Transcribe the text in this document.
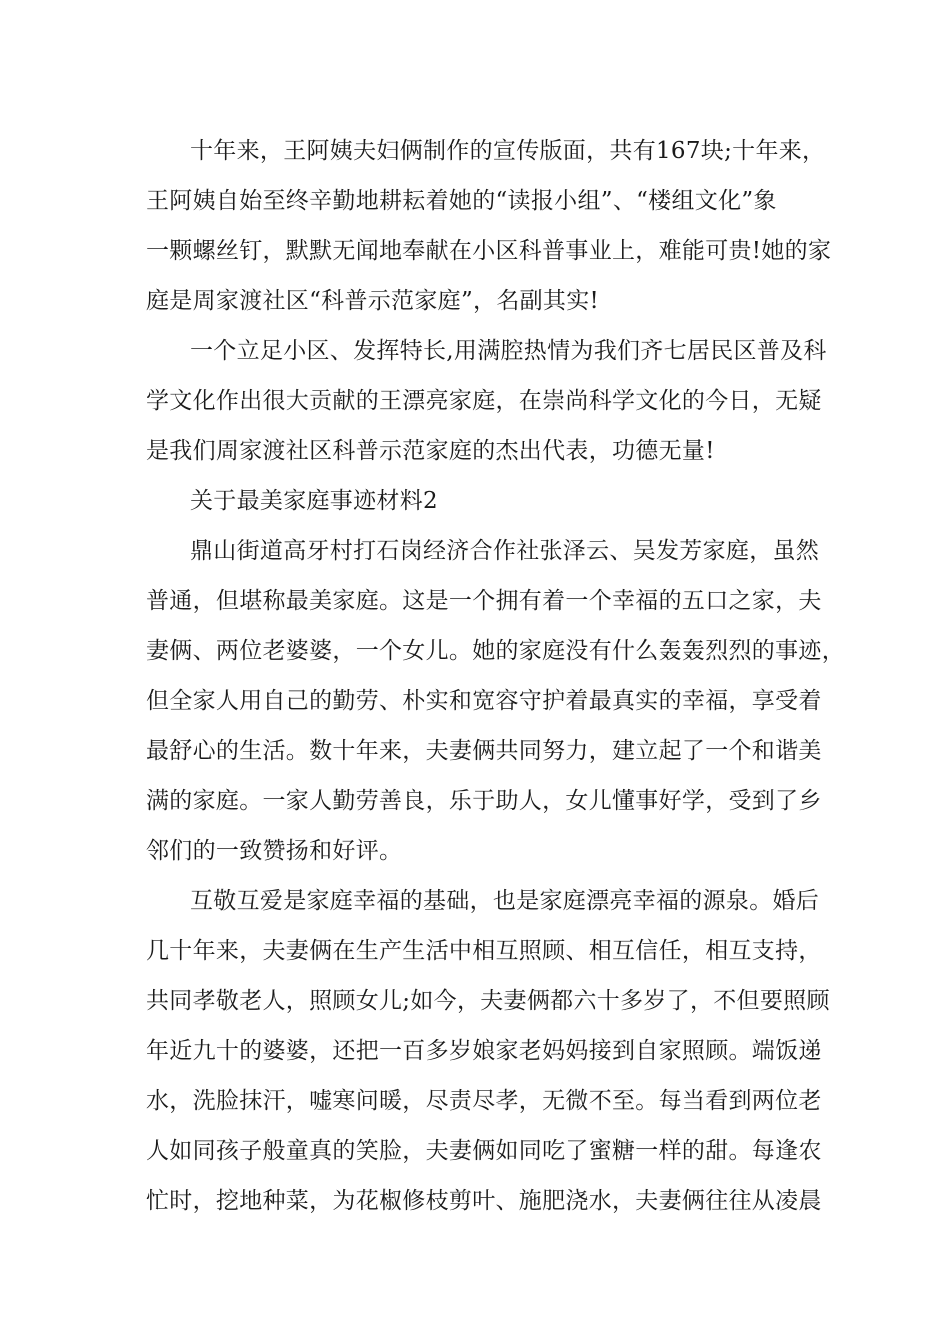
十年来，王阿姨夫妇俩制作的宣传版面，共有167块;十年来，
王阿姨自始至终辛勤地耕耘着她的“读报小组”、“楼组文化”象
一颗螺丝钉，默默无闻地奉献在小区科普事业上，难能可贵!她的家
庭是周家渡社区“科普示范家庭”，名副其实!
一个立足小区、发挥特长,用满腔热情为我们齐七居民区普及科
学文化作出很大贡献的王漂亮家庭，在崇尚科学文化的今日，无疑
是我们周家渡社区科普示范家庭的杰出代表，功德无量!
关于最美家庭事迹材料2
鼎山街道高牙村打石岗经济合作社张泽云、吴发芳家庭，虽然
普通，但堪称最美家庭。这是一个拥有着一个幸福的五口之家，夫
妻俩、两位老婆婆，一个女儿。她的家庭没有什么轰轰烈烈的事迹，
但全家人用自己的勤劳、朴实和宽容守护着最真实的幸福，享受着
最舒心的生活。数十年来，夫妻俩共同努力，建立起了一个和谐美
满的家庭。一家人勤劳善良，乐于助人，女儿懂事好学，受到了乡
邻们的一致赞扬和好评。
互敬互爱是家庭幸福的基础，也是家庭漂亮幸福的源泉。婚后
几十年来，夫妻俩在生产生活中相互照顾、相互信任，相互支持，
共同孝敬老人，照顾女儿;如今，夫妻俩都六十多岁了，不但要照顾
年近九十的婆婆，还把一百多岁娘家老妈妈接到自家照顾。端饭递
水，洗脸抹汗，嘘寒问暖，尽责尽孝，无微不至。每当看到两位老
人如同孩子般童真的笑脸，夫妻俩如同吃了蜜糖一样的甜。每逢农
忙时，挖地种菜，为花椒修枝剪叶、施肥浇水，夫妻俩往往从凌晨
